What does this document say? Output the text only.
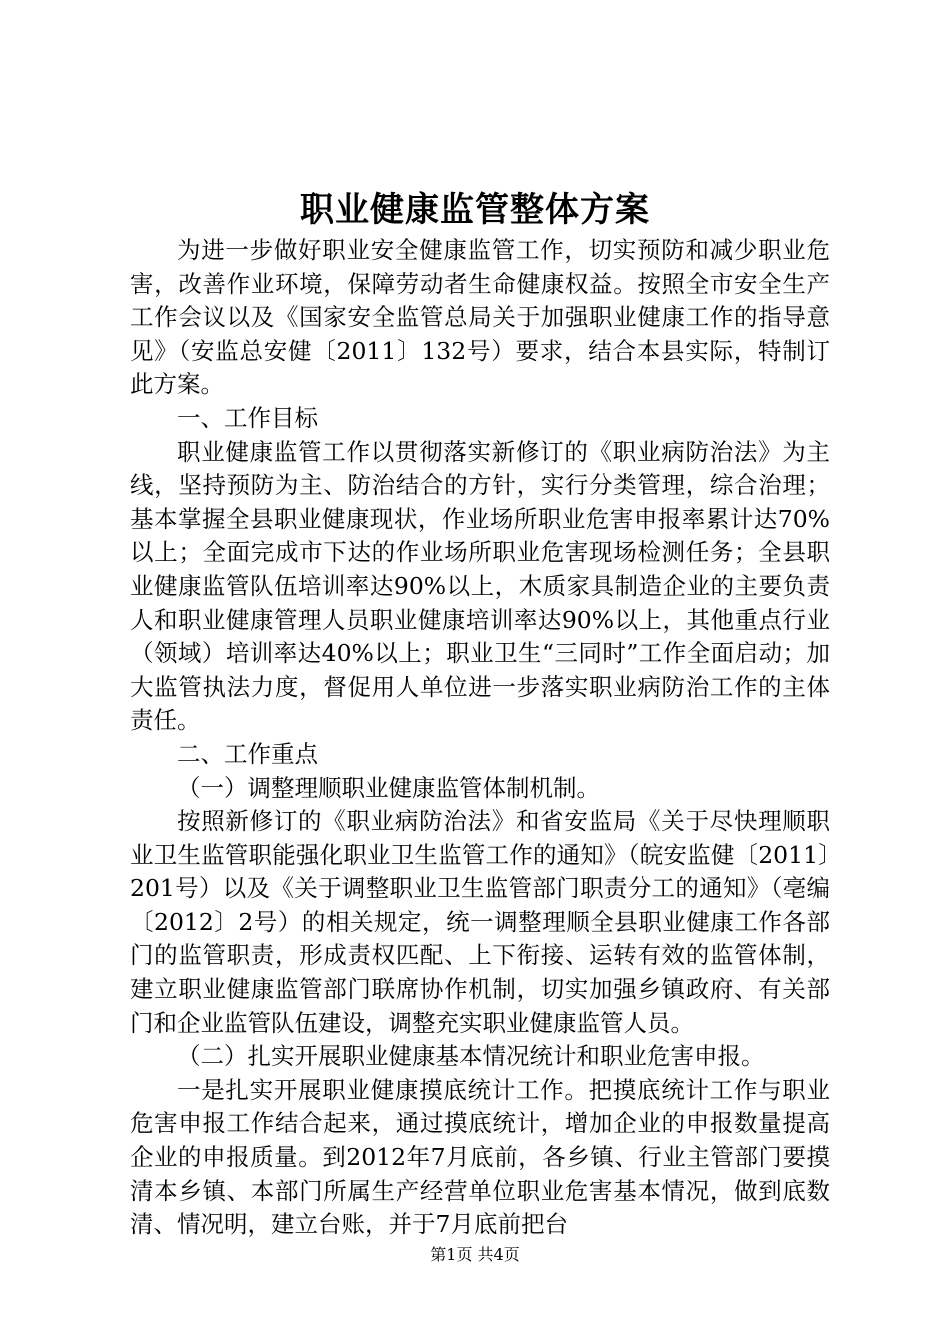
职业健康监管整体方案

为进一步做好职业安全健康监管工作，切实预防和减少职业危害，改善作业环境，保障劳动者生命健康权益。按照全市安全生产工作会议以及《国家安全监管总局关于加强职业健康工作的指导意见》（安监总安健〔2011〕132号）要求，结合本县实际，特制订此方案。

一、工作目标

职业健康监管工作以贯彻落实新修订的《职业病防治法》为主线，坚持预防为主、防治结合的方针，实行分类管理，综合治理；基本掌握全县职业健康现状，作业场所职业危害申报率累计达70%以上；全面完成市下达的作业场所职业危害现场检测任务；全县职业健康监管队伍培训率达90%以上，木质家具制造企业的主要负责人和职业健康管理人员职业健康培训率达90%以上，其他重点行业（领域）培训率达40%以上；职业卫生“三同时”工作全面启动；加大监管执法力度，督促用人单位进一步落实职业病防治工作的主体责任。

二、工作重点

（一）调整理顺职业健康监管体制机制。

按照新修订的《职业病防治法》和省安监局《关于尽快理顺职业卫生监管职能强化职业卫生监管工作的通知》（皖安监健〔2011〕201号）以及《关于调整职业卫生监管部门职责分工的通知》（亳编〔2012〕2号）的相关规定，统一调整理顺全县职业健康工作各部门的监管职责，形成责权匹配、上下衔接、运转有效的监管体制，建立职业健康监管部门联席协作机制，切实加强乡镇政府、有关部门和企业监管队伍建设，调整充实职业健康监管人员。

（二）扎实开展职业健康基本情况统计和职业危害申报。

一是扎实开展职业健康摸底统计工作。把摸底统计工作与职业危害申报工作结合起来，通过摸底统计，增加企业的申报数量提高企业的申报质量。到2012年7月底前，各乡镇、行业主管部门要摸清本乡镇、本部门所属生产经营单位职业危害基本情况，做到底数清、情况明，建立台账，并于7月底前把台

第1页 共4页
